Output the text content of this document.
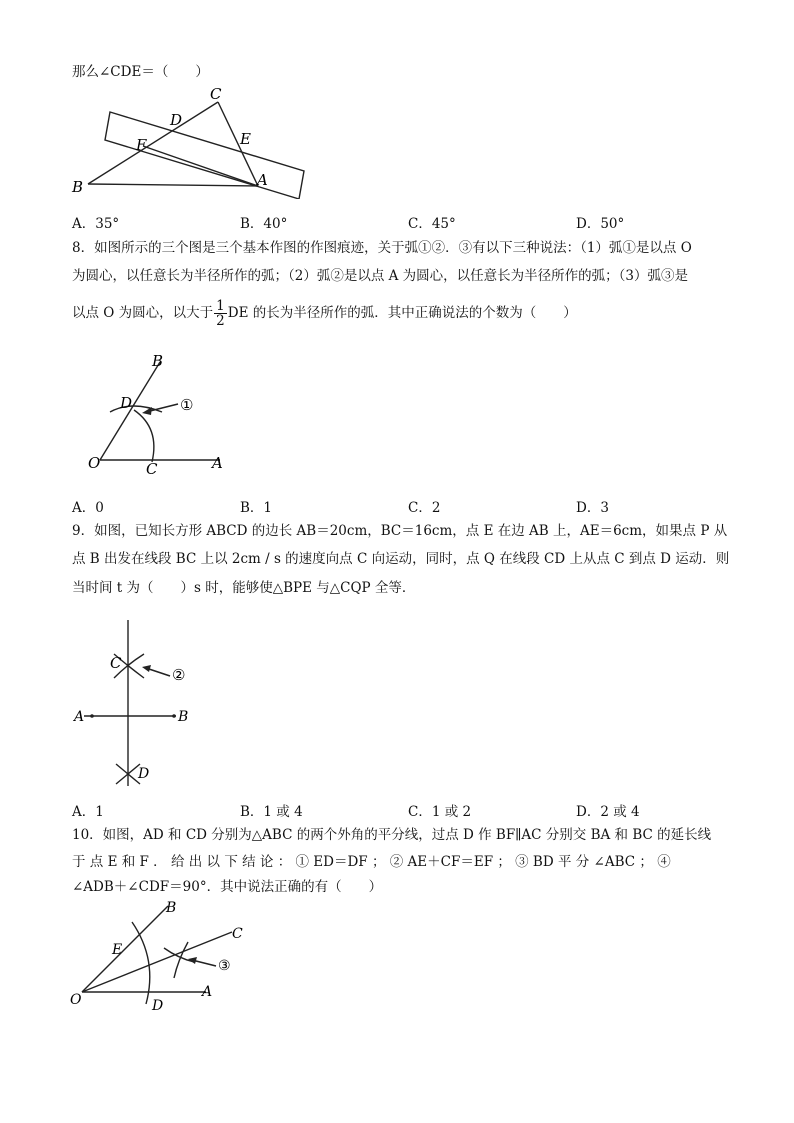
那么∠CDE＝（　　）
C
D
E
F
B	A
A．35°	B．40°	C．45°	D．50°
8．如图所示的三个图是三个基本作图的作图痕迹，关于弧①②．③有以下三种说法：（1）弧①是以点 O
为圆心，以任意长为半径所作的弧；（2）弧②是以点 A 为圆心，以任意长为半径所作的弧；（3）弧③是
以点 O 为圆心，以大于 $\frac{1}{2}$ DE 的长为半径所作的弧．其中正确说法的个数为（　　）
B
D	①
O	C	A
A．0	B．1	C．2	D．3
9．如图，已知长方形 ABCD 的边长 AB＝20cm，BC＝16cm，点 E 在边 AB 上，AE＝6cm，如果点 P 从
点 B 出发在线段 BC 上以 2cm / s 的速度向点 C 向运动，同时，点 Q 在线段 CD 上从点 C 到点 D 运动．则
当时间 t 为（　　）s 时，能够使△BPE 与△CQP 全等．
C
②
A	B
D
A．1	B．1 或 4	C．1 或 2	D．2 或 4
10．如图，AD 和 CD 分别为△ABC 的两个外角的平分线，过点 D 作 BF∥AC 分别交 BA 和 BC 的延长线
于 点 E 和 F ． 给 出 以 下 结 论 ： ① ED＝DF ； ② AE＋CF＝EF ； ③ BD 平 分 ∠ABC ； ④
∠ADB＋∠CDF＝90°．其中说法正确的有（　　）
B
C
E
③
O	D
A
